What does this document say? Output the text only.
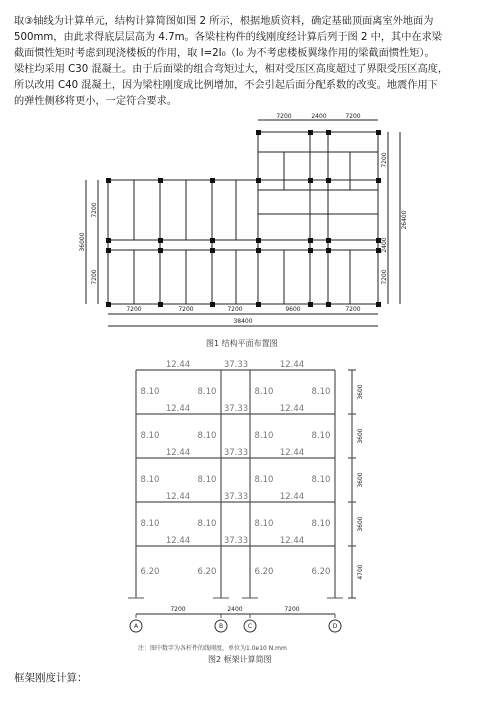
取③轴线为计算单元，结构计算简图如图 2 所示，根据地质资料，确定基础顶面离室外地面为
500mm，由此求得底层层高为 4.7m。各梁柱构件的线刚度经计算后列于图 2 中，其中在求梁
截面惯性矩时考虑到现浇楼板的作用，取 I=2I₀（I₀ 为不考虑楼板翼缘作用的梁截面惯性矩）。
梁柱均采用 C30 混凝土。由于后面梁的组合弯矩过大，相对受压区高度超过了界限受压区高度，
所以改用 C40 混凝土，因为梁柱刚度成比例增加，不会引起后面分配系数的改变。地震作用下
的弹性侧移将更小，一定符合要求。
7200	2400	7200
7200	7200	7200	9600	7200
38400
7200
7200
36000
7200
2400
7200
26400
图1 结构平面布置图
A	B	C	D
12.44	37.33	12.44
12.44	37.33	12.44
12.44	37.33	12.44
12.44	37.33	12.44
12.44	37.33	12.44
8.10	8.10	8.10	8.10
8.10	8.10	8.10	8.10
8.10	8.10	8.10	8.10
8.10	8.10	8.10	8.10
6.20	6.20	6.20	6.20
3600
3600
3600
3600
4700
7200	2400	7200
注：图中数字为各杆件的线刚度，单位为1.0e10 N.mm
图2 框架计算简图
框架刚度计算：
